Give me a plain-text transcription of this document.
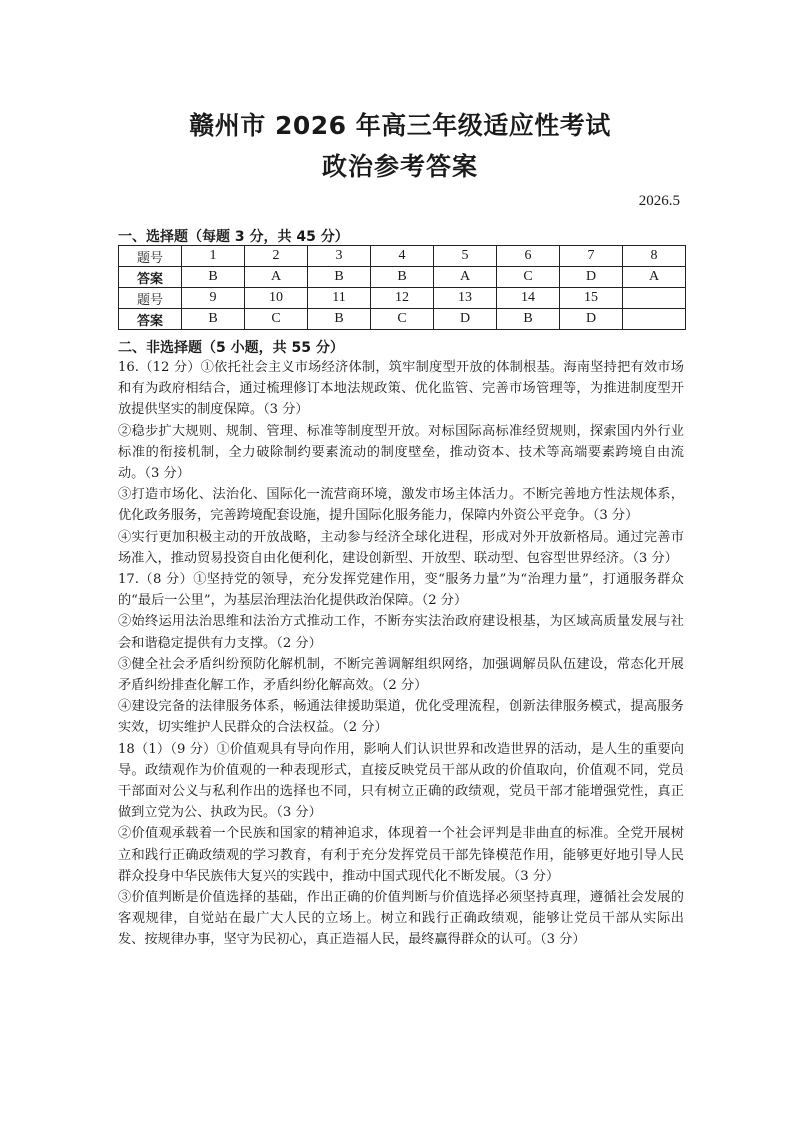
赣州市 2026 年高三年级适应性考试
政治参考答案
2026.5
一、选择题（每题 3 分，共 45 分）
题号	1	2	3	4	5	6	7	8
答案	B	A	B	B	A	C	D	A
题号	9	10	11	12	13	14	15	
答案	B	C	B	C	D	B	D	
二、非选择题（5 小题，共 55 分）

16.（12 分）①依托社会主义市场经济体制，筑牢制度型开放的体制根基。海南坚持把有效市场和有为政府相结合，通过梳理修订本地法规政策、优化监管、完善市场管理等，为推进制度型开放提供坚实的制度保障。（3 分）

②稳步扩大规则、规制、管理、标准等制度型开放。对标国际高标准经贸规则，探索国内外行业标准的衔接机制，全力破除制约要素流动的制度壁垒，推动资本、技术等高端要素跨境自由流动。（3 分）

③打造市场化、法治化、国际化一流营商环境，激发市场主体活力。不断完善地方性法规体系，优化政务服务，完善跨境配套设施，提升国际化服务能力，保障内外资公平竞争。（3 分）

④实行更加积极主动的开放战略，主动参与经济全球化进程，形成对外开放新格局。通过完善市场准入，推动贸易投资自由化便利化，建设创新型、开放型、联动型、包容型世界经济。（3 分）

17.（8 分）①坚持党的领导，充分发挥党建作用，变“服务力量”为“治理力量”，打通服务群众的“最后一公里”，为基层治理法治化提供政治保障。（2 分）

②始终运用法治思维和法治方式推动工作，不断夯实法治政府建设根基，为区域高质量发展与社会和谐稳定提供有力支撑。（2 分）

③健全社会矛盾纠纷预防化解机制，不断完善调解组织网络，加强调解员队伍建设，常态化开展矛盾纠纷排查化解工作，矛盾纠纷化解高效。（2 分）

④建设完备的法律服务体系，畅通法律援助渠道，优化受理流程，创新法律服务模式，提高服务实效，切实维护人民群众的合法权益。（2 分）

18（1）（9 分）①价值观具有导向作用，影响人们认识世界和改造世界的活动，是人生的重要向导。政绩观作为价值观的一种表现形式，直接反映党员干部从政的价值取向，价值观不同，党员干部面对公义与私利作出的选择也不同，只有树立正确的政绩观，党员干部才能增强党性，真正做到立党为公、执政为民。（3 分）

②价值观承载着一个民族和国家的精神追求，体现着一个社会评判是非曲直的标准。全党开展树立和践行正确政绩观的学习教育，有利于充分发挥党员干部先锋模范作用，能够更好地引导人民群众投身中华民族伟大复兴的实践中，推动中国式现代化不断发展。（3 分）

③价值判断是价值选择的基础，作出正确的价值判断与价值选择必须坚持真理，遵循社会发展的客观规律，自觉站在最广大人民的立场上。树立和践行正确政绩观，能够让党员干部从实际出发、按规律办事，坚守为民初心，真正造福人民，最终赢得群众的认可。（3 分）
